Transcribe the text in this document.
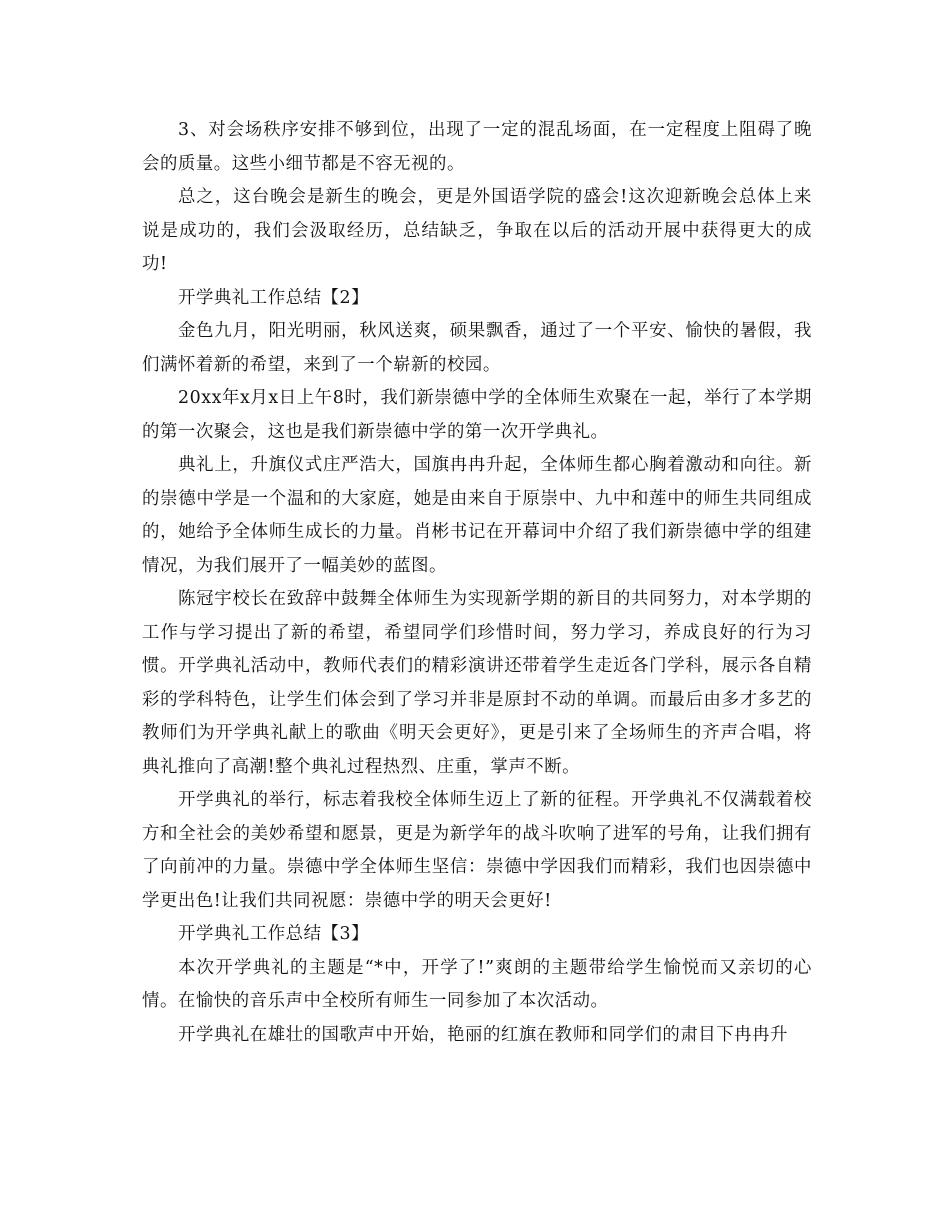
3、对会场秩序安排不够到位，出现了一定的混乱场面，在一定程度上阻碍了晚会的质量。这些小细节都是不容无视的。

总之，这台晚会是新生的晚会，更是外国语学院的盛会!这次迎新晚会总体上来说是成功的，我们会汲取经历，总结缺乏，争取在以后的活动开展中获得更大的成功!

开学典礼工作总结【2】

金色九月，阳光明丽，秋风送爽，硕果飘香，通过了一个平安、愉快的暑假，我们满怀着新的希望，来到了一个崭新的校园。

20xx年x月x日上午8时，我们新崇德中学的全体师生欢聚在一起，举行了本学期的第一次聚会，这也是我们新崇德中学的第一次开学典礼。

典礼上，升旗仪式庄严浩大，国旗冉冉升起，全体师生都心胸着激动和向往。新的崇德中学是一个温和的大家庭，她是由来自于原崇中、九中和莲中的师生共同组成的，她给予全体师生成长的力量。肖彬书记在开幕词中介绍了我们新崇德中学的组建情况，为我们展开了一幅美妙的蓝图。

陈冠宇校长在致辞中鼓舞全体师生为实现新学期的新目的共同努力，对本学期的工作与学习提出了新的希望，希望同学们珍惜时间，努力学习，养成良好的行为习惯。开学典礼活动中，教师代表们的精彩演讲还带着学生走近各门学科，展示各自精彩的学科特色，让学生们体会到了学习并非是原封不动的单调。而最后由多才多艺的教师们为开学典礼献上的歌曲《明天会更好》，更是引来了全场师生的齐声合唱，将典礼推向了高潮!整个典礼过程热烈、庄重，掌声不断。

开学典礼的举行，标志着我校全体师生迈上了新的征程。开学典礼不仅满载着校方和全社会的美妙希望和愿景，更是为新学年的战斗吹响了进军的号角，让我们拥有了向前冲的力量。崇德中学全体师生坚信：崇德中学因我们而精彩，我们也因崇德中学更出色!让我们共同祝愿：崇德中学的明天会更好!

开学典礼工作总结【3】

本次开学典礼的主题是“*中，开学了!”爽朗的主题带给学生愉悦而又亲切的心情。在愉快的音乐声中全校所有师生一同参加了本次活动。

开学典礼在雄壮的国歌声中开始，艳丽的红旗在教师和同学们的肃目下冉冉升
